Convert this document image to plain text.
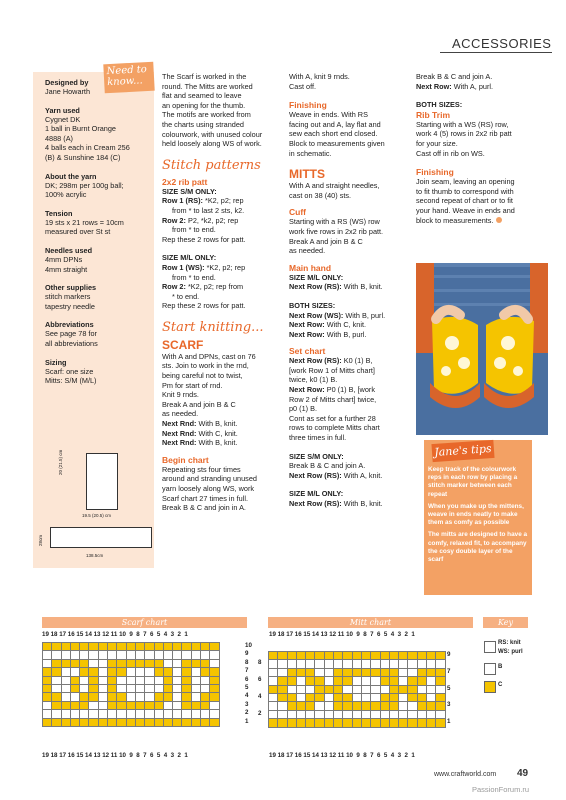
ACCESSORIES
Need to know...

Designed by

Jane Howarth

Yarn used

Cygnet DK

1 ball in Burnt Orange

4888 (A)

4 balls each in Cream 256

(B) & Sunshine 184 (C)

About the yarn

DK; 298m per 100g ball;

100% acrylic

Tension

19 sts x 21 rows = 10cm

measured over St st

Needles used

4mm DPNs

4mm straight

Other supplies

stitch markers

tapestry needle

Abbreviations

See page 78 for

all abbreviations

Sizing

Scarf: one size

Mitts: S/M (M/L)

20 (21.5) cm
19.5 (20.5) cm
28cm
138.5cm

The Scarf is worked in the

round. The Mitts are worked

flat and seamed to leave

an opening for the thumb.

The motifs are worked from

the charts using stranded

colourwork, with unused colour

held loosely along WS of work.

Stitch patterns

2x2 rib patt

SIZE S/M ONLY:

Row 1 (RS): *K2, p2; rep

from * to last 2 sts, k2.

Row 2: P2, *k2, p2; rep

from * to end.

Rep these 2 rows for patt.

SIZE M/L ONLY:

Row 1 (WS): *K2, p2; rep

from * to end.

Row 2: *K2, p2; rep from

* to end.

Rep these 2 rows for patt.

Start knitting...

SCARF

With A and DPNs, cast on 76

sts. Join to work in the rnd,

being careful not to twist,

Pm for start of rnd.

Knit 9 rnds.

Break A and join B & C

as needed.

Next Rnd: With B, knit.

Next Rnd: With C, knit.

Next Rnd: With B, knit.

Begin chart

Repeating sts four times

around and stranding unused

yarn loosely along WS, work

Scarf chart 27 times in full.

Break B & C and join in A.

With A, knit 9 rnds.

Cast off.

Finishing

Weave in ends. With RS

facing out and A, lay flat and

sew each short end closed.

Block to measurements given

in schematic.

MITTS

With A and straight needles,

cast on 38 (40) sts.

Cuff

Starting with a RS (WS) row

work five rows in 2x2 rib patt.

Break A and join B & C

as needed.

Main hand

SIZE M/L ONLY:

Next Row (RS): With B, knit.

BOTH SIZES:

Next Row (WS): With B, purl.

Next Row: With C, knit.

Next Row: With B, purl.

Set chart

Next Row (RS): K0 (1) B,

[work Row 1 of Mitts chart]

twice, k0 (1) B.

Next Row: P0 (1) B, [work

Row 2 of Mitts chart] twice,

p0 (1) B.

Cont as set for a further 28

rows to complete Mitts chart

three times in full.

SIZE S/M ONLY:

Break B & C and join A.

Next Row (RS): With A, knit.

SIZE M/L ONLY:

Next Row (RS): With B, knit.

Break B & C and join A.

Next Row: With A, purl.

BOTH SIZES:

Rib Trim

Starting with a WS (RS) row,

work 4 (5) rows in 2x2 rib patt

for your size.

Cast off in rib on WS.

Finishing

Join seam, leaving an opening

to fit thumb to correspond with

second repeat of chart or to fit

your hand. Weave in ends and

block to measurements.

Jane's tips

Keep track of the colourwork reps in each row by placing a stitch marker between each repeat

When you make up the mittens, weave in ends neatly to make them as comfy as possible

The mitts are designed to have a comfy, relaxed fit, to accompany the cosy double layer of the scarf

Scarf chart	Mitt chart	Key
19 18 17 16 15 14 13 12 11 10  9  8  7  6  5  4  3  2  1	19 18 17 16 15 14 13 12 11 10  9  8  7  6  5  4  3  2  1
19 18 17 16 15 14 13 12 11 10  9  8  7  6  5  4  3  2  1	19 18 17 16 15 14 13 12 11 10  9  8  7  6  5  4  3  2  1

10
9
8
7
6
5
4
3
2
1

8
6
4
2
9
7
5
3
1
RS: knit
WS: purl
B
C
www.craftworld.com 49
PassionForum.ru
